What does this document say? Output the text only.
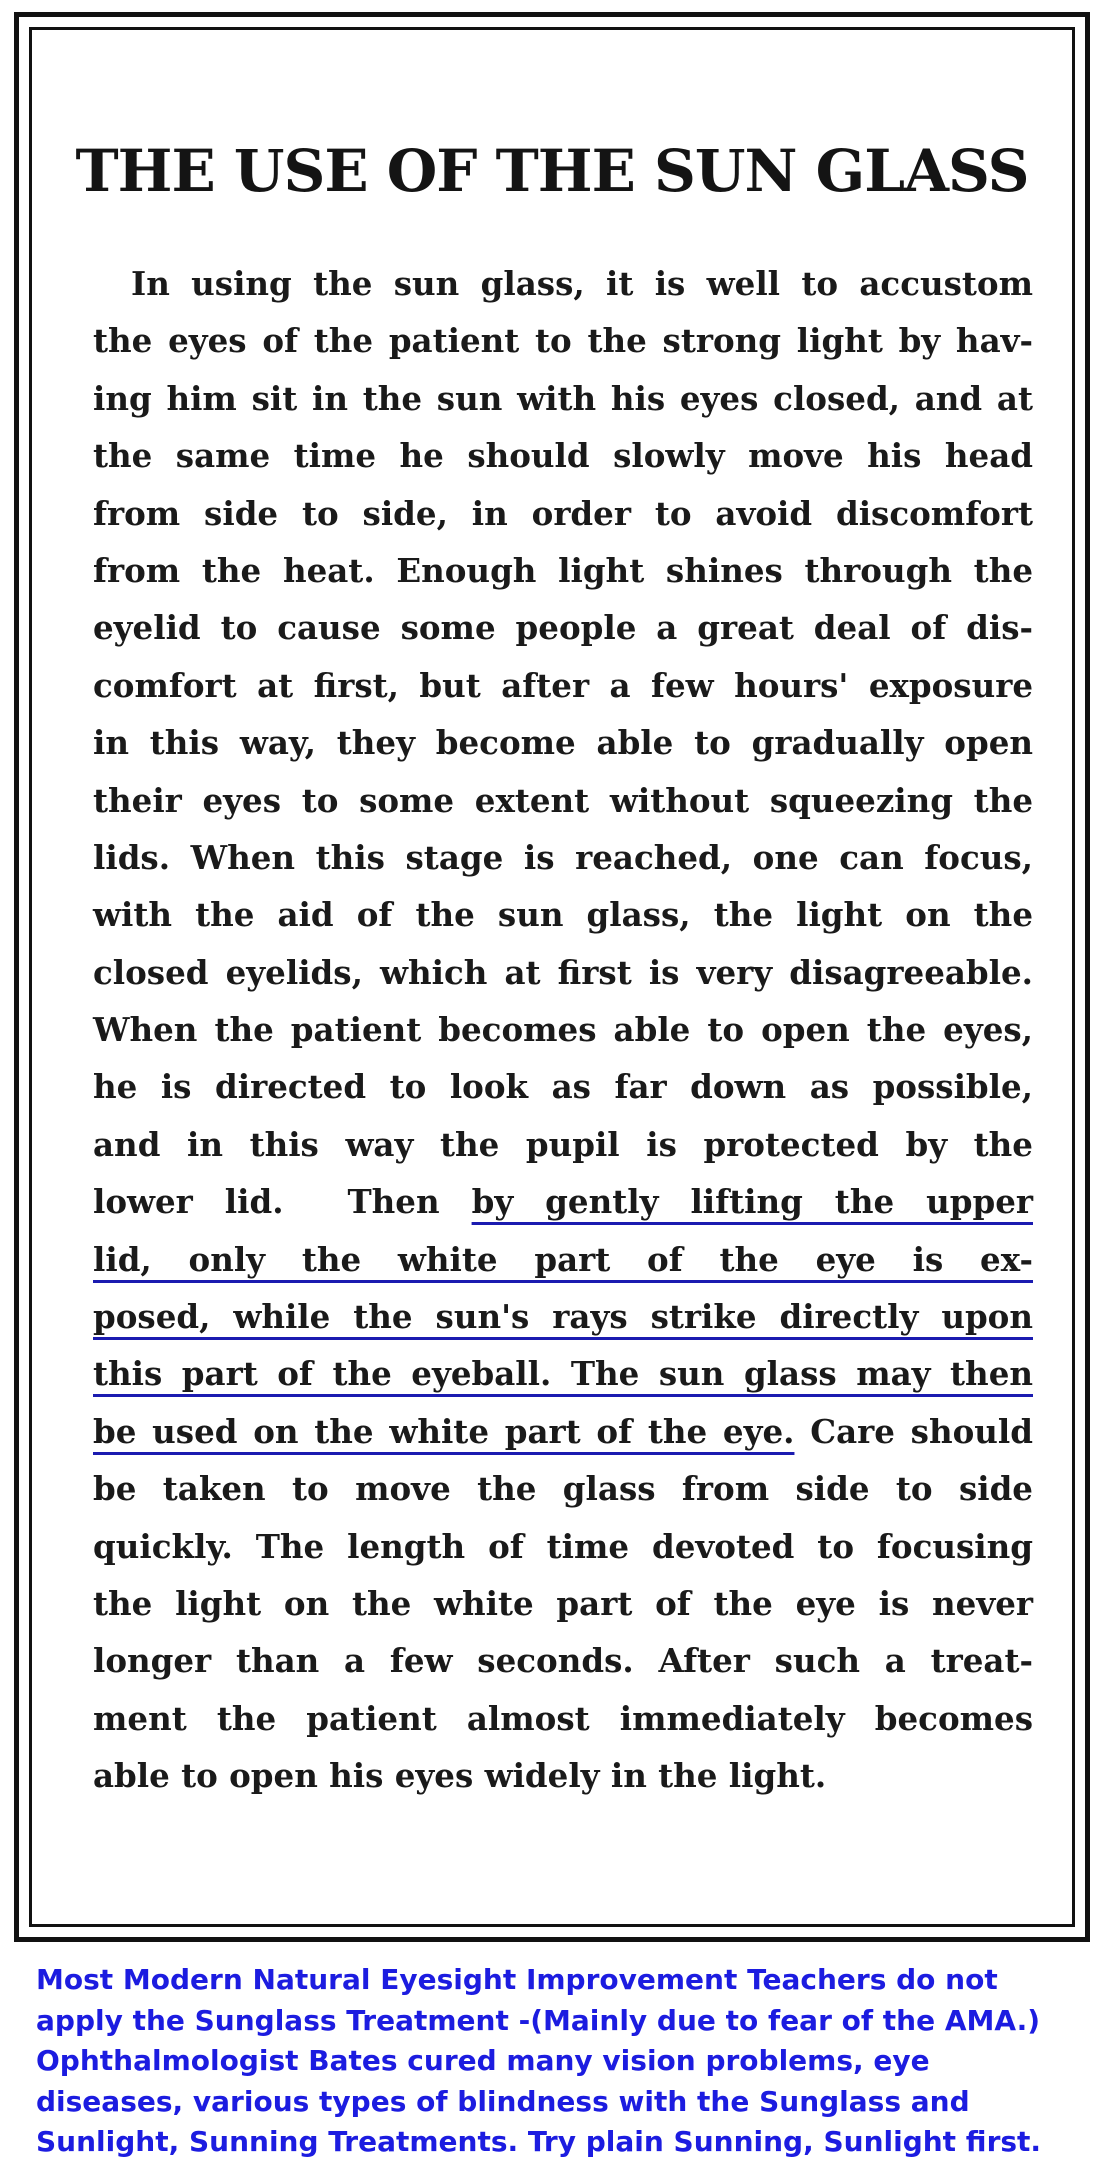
THE USE OF THE SUN GLASS
In using the sun glass, it is well to accustom
the eyes of the patient to the strong light by hav-
ing him sit in the sun with his eyes closed, and at
the same time he should slowly move his head
from side to side, in order to avoid discomfort
from the heat. Enough light shines through the
eyelid to cause some people a great deal of dis-
comfort at first, but after a few hours' exposure
in this way, they become able to gradually open
their eyes to some extent without squeezing the
lids. When this stage is reached, one can focus,
with the aid of the sun glass, the light on the
closed eyelids, which at first is very disagreeable.
When the patient becomes able to open the eyes,
he is directed to look as far down as possible,
and in this way the pupil is protected by the
lower lid.  Then by gently lifting the upper
lid, only the white part of the eye is ex-
posed, while the sun's rays strike directly upon
this part of the eyeball. The sun glass may then
be used on the white part of the eye. Care should
be taken to move the glass from side to side
quickly. The length of time devoted to focusing
the light on the white part of the eye is never
longer than a few seconds. After such a treat-
ment the patient almost immediately becomes
able to open his eyes widely in the light.
Most Modern Natural Eyesight Improvement Teachers do not
apply the Sunglass Treatment -(Mainly due to fear of the AMA.)
Ophthalmologist Bates cured many vision problems, eye
diseases, various types of blindness with the Sunglass and
Sunlight, Sunning Treatments. Try plain Sunning, Sunlight first.
